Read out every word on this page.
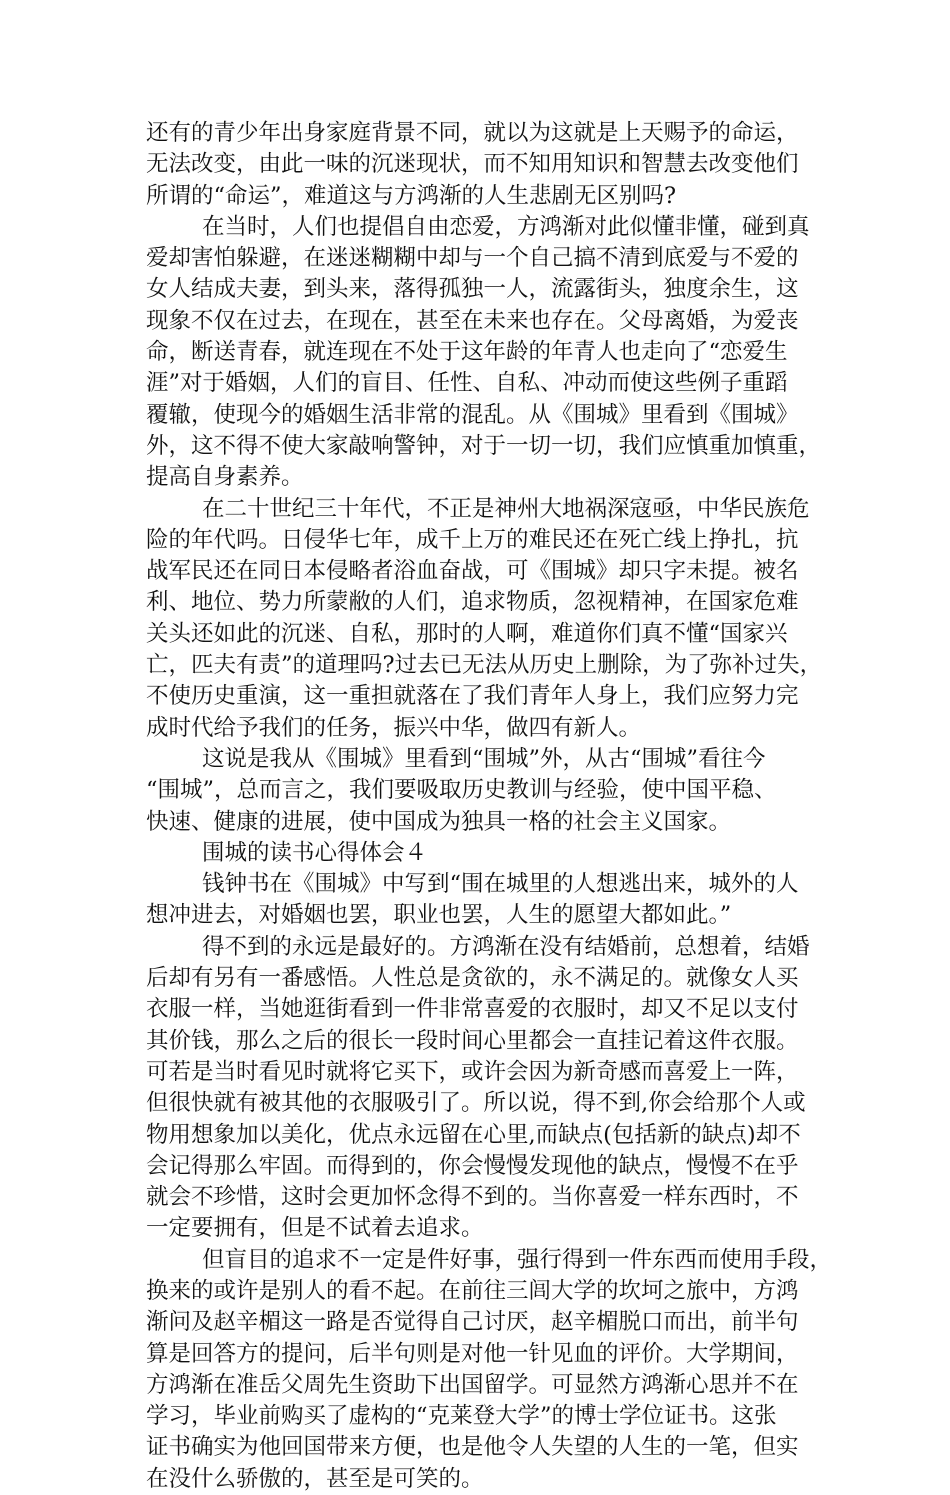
还有的青少年出身家庭背景不同，就以为这就是上天赐予的命运，
无法改变，由此一味的沉迷现状，而不知用知识和智慧去改变他们
所谓的“命运”，难道这与方鸿渐的人生悲剧无区别吗?
在当时，人们也提倡自由恋爱，方鸿渐对此似懂非懂，碰到真
爱却害怕躲避，在迷迷糊糊中却与一个自己搞不清到底爱与不爱的
女人结成夫妻，到头来，落得孤独一人，流露街头，独度余生，这
现象不仅在过去，在现在，甚至在未来也存在。父母离婚，为爱丧
命，断送青春，就连现在不处于这年龄的年青人也走向了“恋爱生
涯”对于婚姻，人们的盲目、任性、自私、冲动而使这些例子重蹈
覆辙，使现今的婚姻生活非常的混乱。从《围城》里看到《围城》
外，这不得不使大家敲响警钟，对于一切一切，我们应慎重加慎重，
提高自身素养。
在二十世纪三十年代，不正是神州大地祸深寇亟，中华民族危
险的年代吗。日侵华七年，成千上万的难民还在死亡线上挣扎，抗
战军民还在同日本侵略者浴血奋战，可《围城》却只字未提。被名
利、地位、势力所蒙敝的人们，追求物质，忽视精神，在国家危难
关头还如此的沉迷、自私，那时的人啊，难道你们真不懂“国家兴
亡，匹夫有责”的道理吗?过去已无法从历史上删除，为了弥补过失，
不使历史重演，这一重担就落在了我们青年人身上，我们应努力完
成时代给予我们的任务，振兴中华，做四有新人。
这说是我从《围城》里看到“围城”外，从古“围城”看往今
“围城”，总而言之，我们要吸取历史教训与经验，使中国平稳、
快速、健康的进展，使中国成为独具一格的社会主义国家。
围城的读书心得体会４
钱钟书在《围城》中写到“围在城里的人想逃出来，城外的人
想冲进去，对婚姻也罢，职业也罢，人生的愿望大都如此。”
得不到的永远是最好的。方鸿渐在没有结婚前，总想着，结婚
后却有另有一番感悟。人性总是贪欲的，永不满足的。就像女人买
衣服一样，当她逛街看到一件非常喜爱的衣服时，却又不足以支付
其价钱，那么之后的很长一段时间心里都会一直挂记着这件衣服。
可若是当时看见时就将它买下，或许会因为新奇感而喜爱上一阵，
但很快就有被其他的衣服吸引了。所以说，得不到,你会给那个人或
物用想象加以美化，优点永远留在心里,而缺点(包括新的缺点)却不
会记得那么牢固。而得到的，你会慢慢发现他的缺点，慢慢不在乎
就会不珍惜，这时会更加怀念得不到的。当你喜爱一样东西时，不
一定要拥有，但是不试着去追求。
但盲目的追求不一定是件好事，强行得到一件东西而使用手段，
换来的或许是别人的看不起。在前往三闾大学的坎坷之旅中，方鸿
渐问及赵辛楣这一路是否觉得自己讨厌，赵辛楣脱口而出，前半句
算是回答方的提问，后半句则是对他一针见血的评价。大学期间，
方鸿渐在准岳父周先生资助下出国留学。可显然方鸿渐心思并不在
学习，毕业前购买了虚构的“克莱登大学”的博士学位证书。这张
证书确实为他回国带来方便，也是他令人失望的人生的一笔，但实
在没什么骄傲的，甚至是可笑的。
